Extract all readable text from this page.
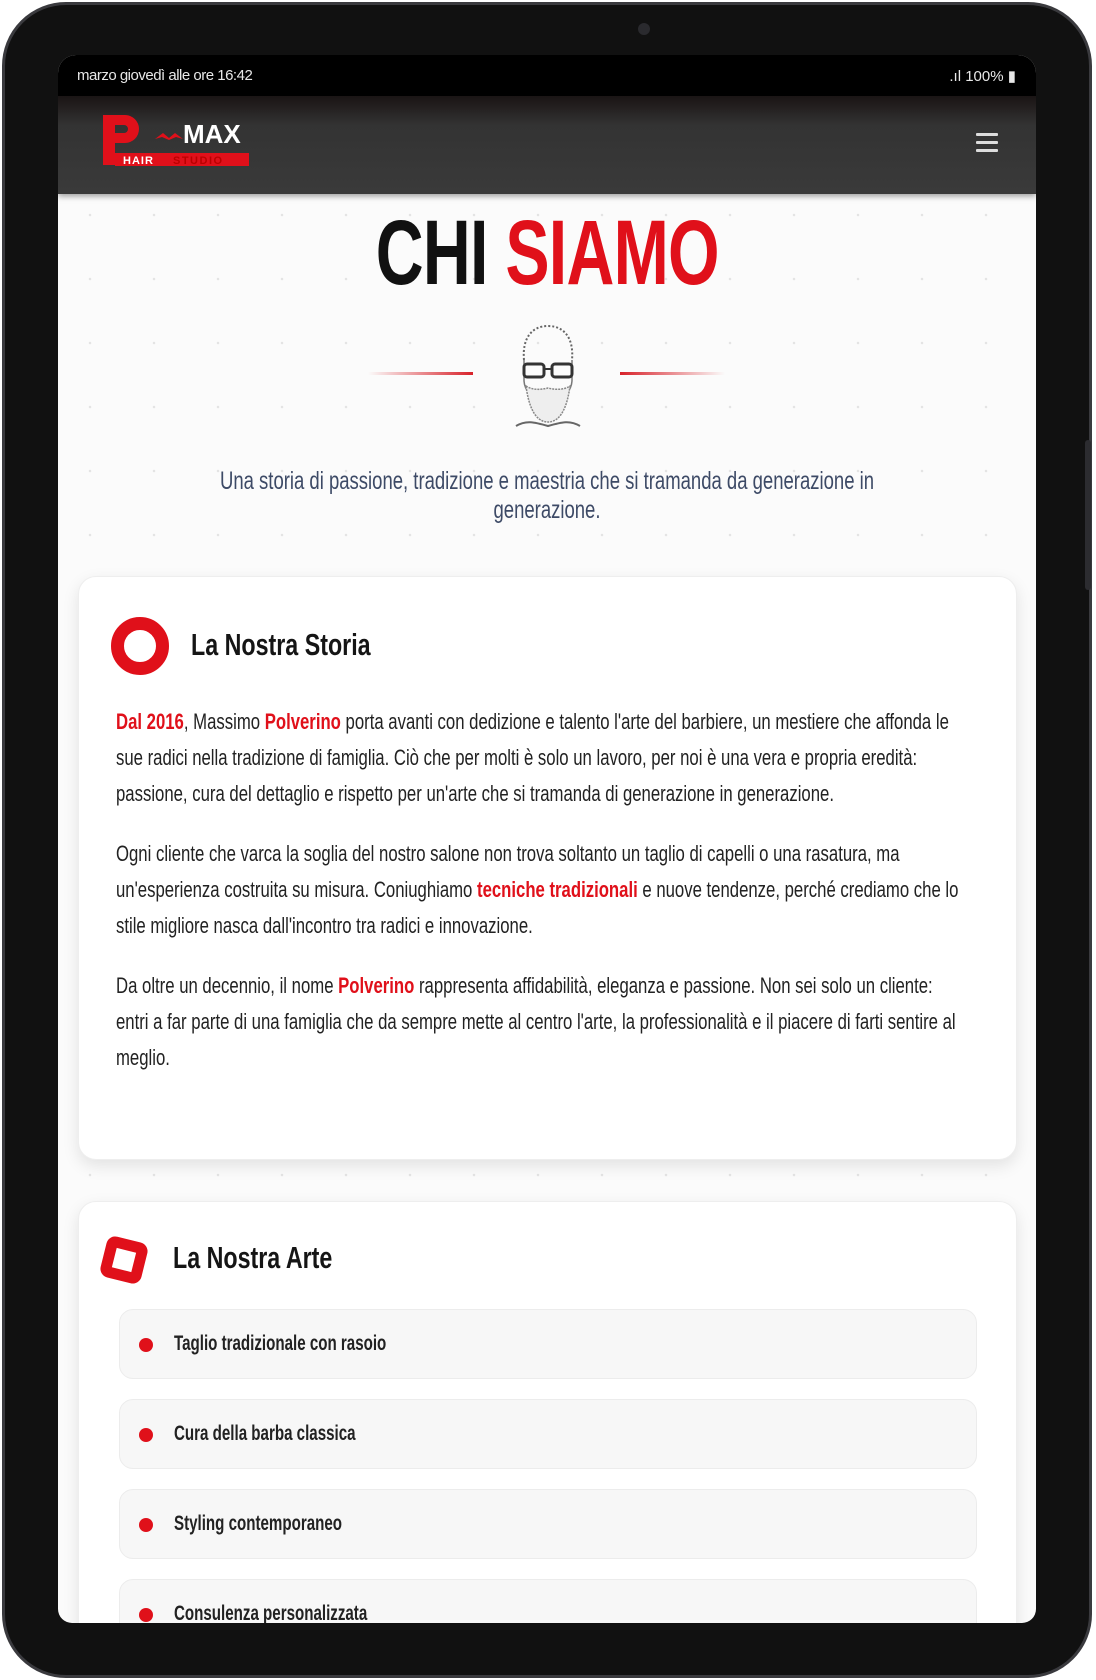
marzo giovedì alle ore 16:42	.ıl 100% ▮
MAX
HAIR STUDIO
CHI SIAMO
Una storia di passione, tradizione e maestria che si tramanda da generazione in generazione.
La Nostra Storia

Dal 2016, Massimo Polverino porta avanti con dedizione e talento l'arte del barbiere, un mestiere che affonda le sue radici nella tradizione di famiglia. Ciò che per molti è solo un lavoro, per noi è una vera e propria eredità: passione, cura del dettaglio e rispetto per un'arte che si tramanda di generazione in generazione.

Ogni cliente che varca la soglia del nostro salone non trova soltanto un taglio di capelli o una rasatura, ma un'esperienza costruita su misura. Coniughiamo tecniche tradizionali e nuove tendenze, perché crediamo che lo stile migliore nasca dall'incontro tra radici e innovazione.

Da oltre un decennio, il nome Polverino rappresenta affidabilità, eleganza e passione. Non sei solo un cliente: entri a far parte di una famiglia che da sempre mette al centro l'arte, la professionalità e il piacere di farti sentire al meglio.

La Nostra Arte
Taglio tradizionale con rasoio
Cura della barba classica
Styling contemporaneo
Consulenza personalizzata
